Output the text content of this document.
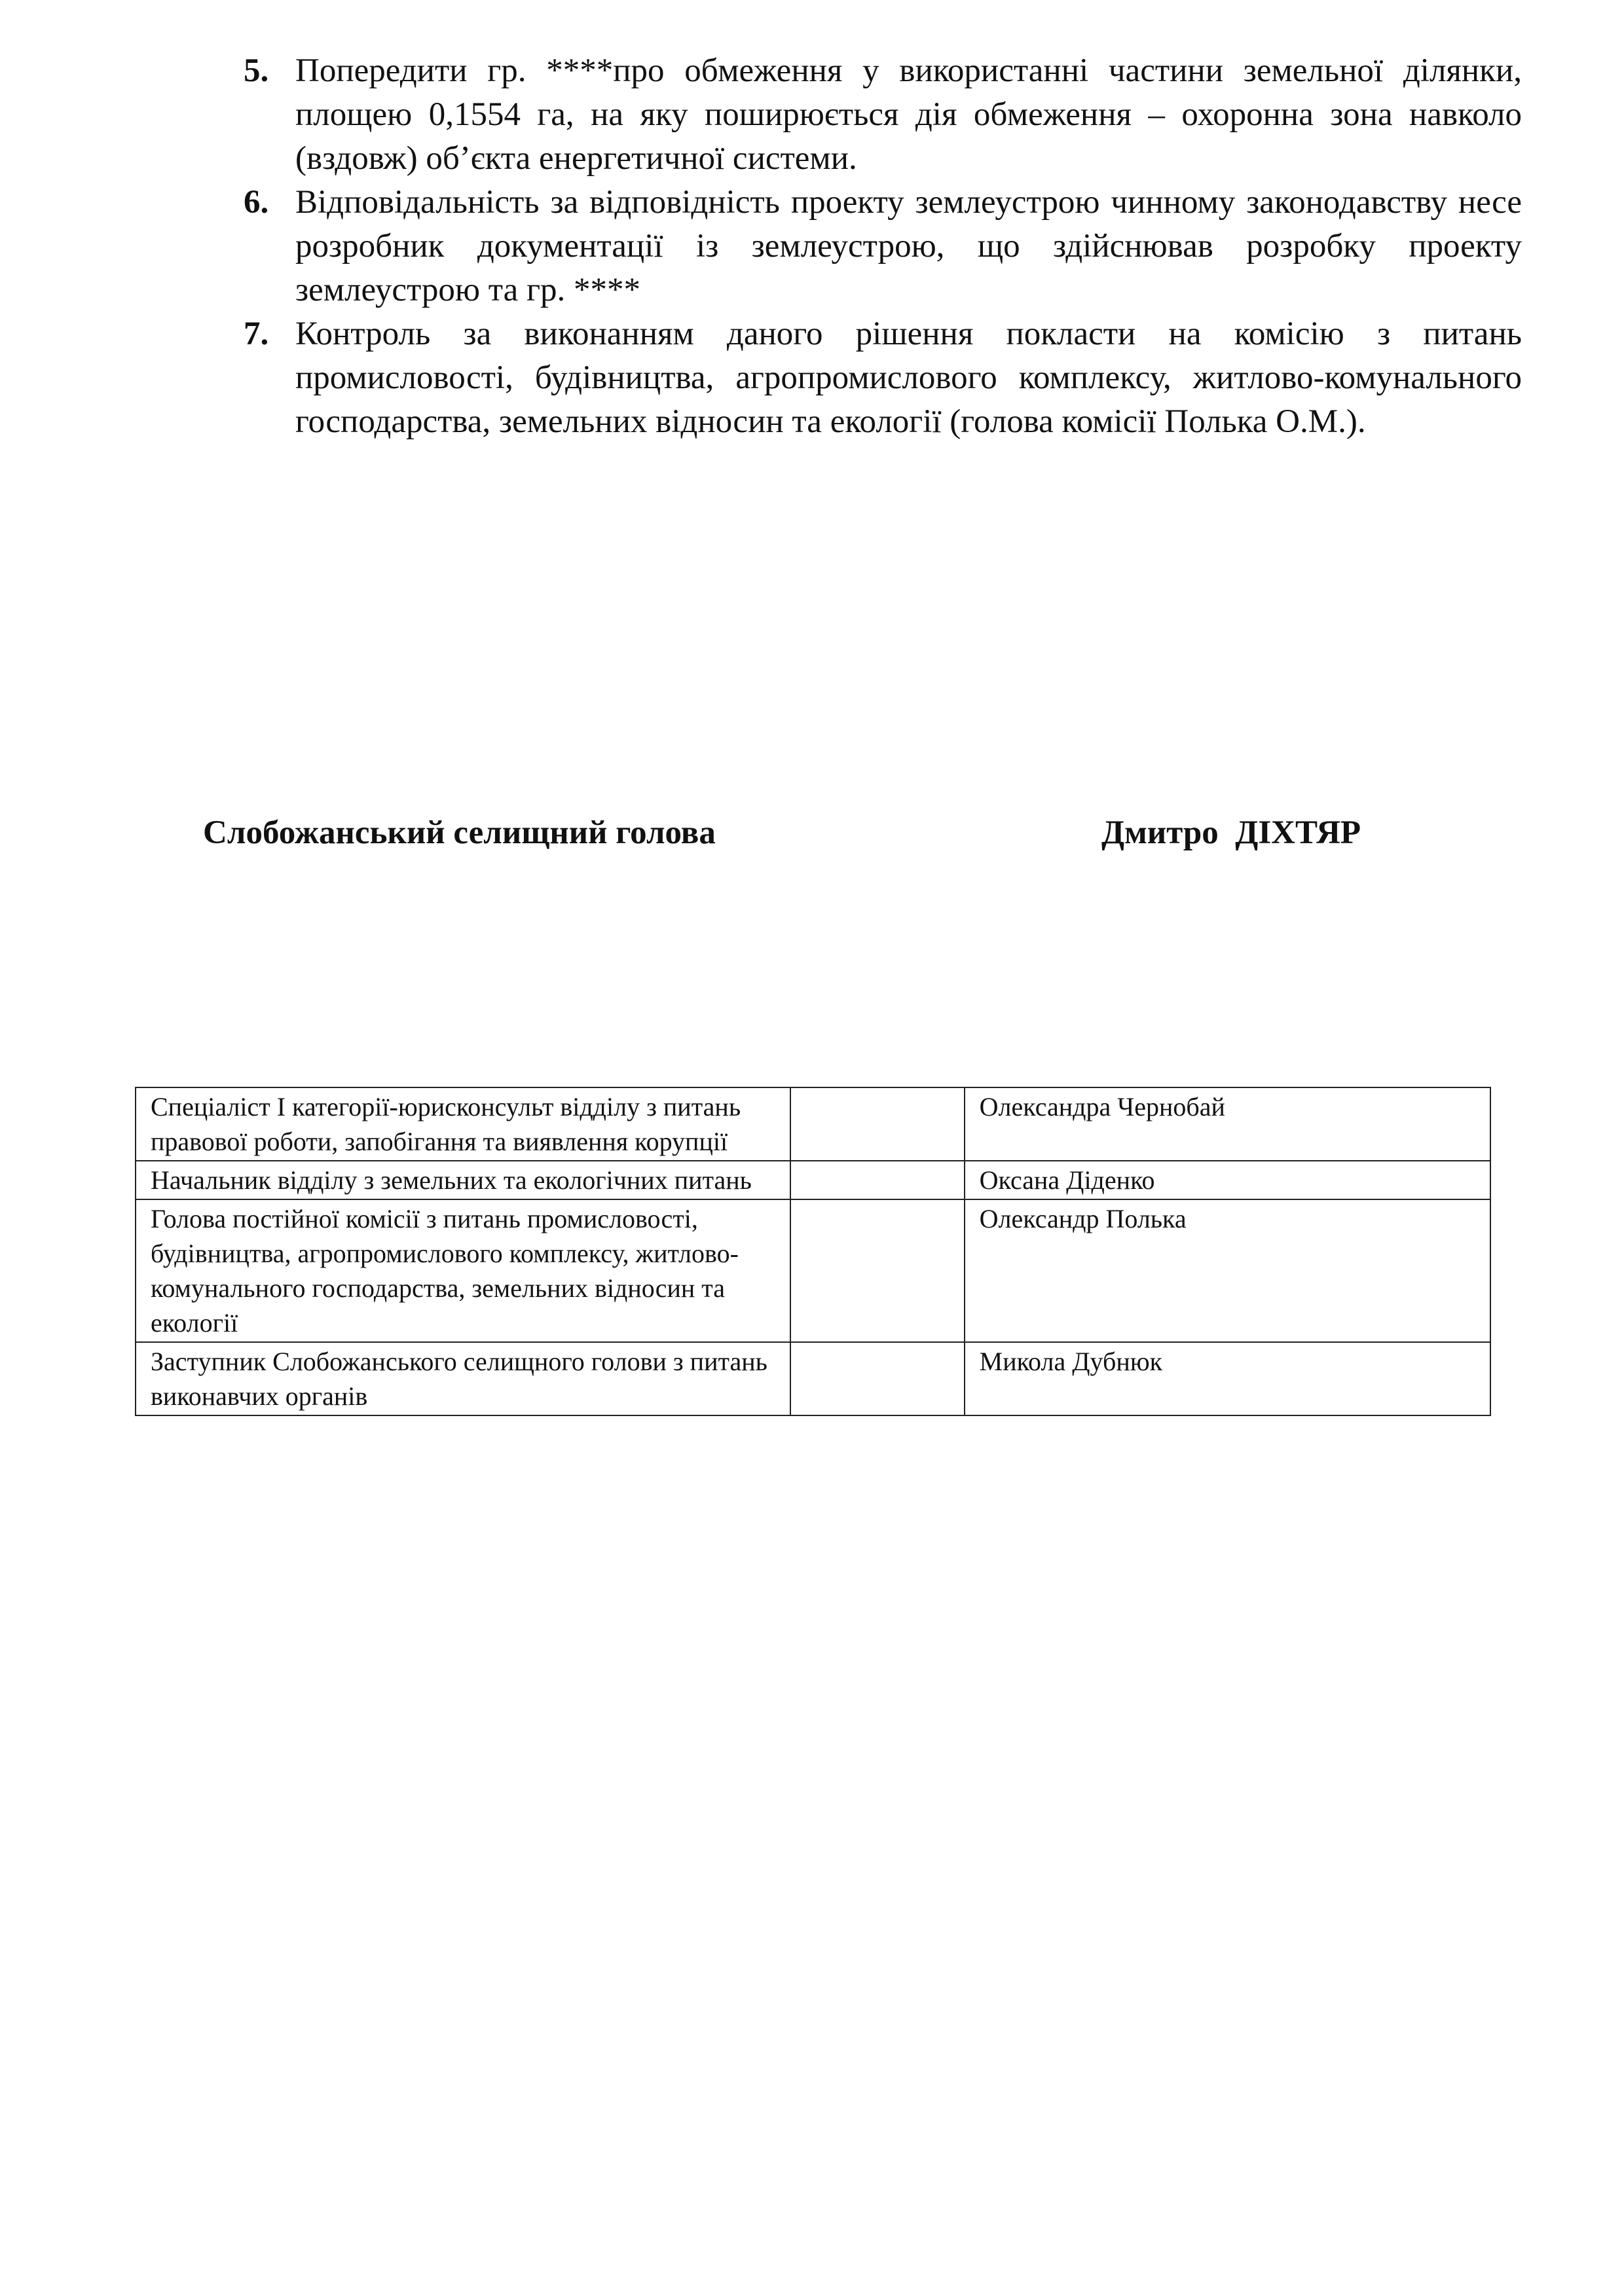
5. Попередити гр. ****про обмеження у використанні частини земельної ділянки, площею 0,1554 га, на яку поширюється дія обмеження – охоронна зона навколо (вздовж) об’єкта енергетичної системи.
6. Відповідальність за відповідність проекту землеустрою чинному законодавству несе розробник документації із землеустрою, що здійснював розробку проекту землеустрою та гр. ****
7. Контроль за виконанням даного рішення покласти на комісію з питань промисловості, будівництва, агропромислового комплексу, житлово-комунального господарства, земельних відносин та екології (голова комісії Полька О.М.).
Слобожанський селищний голова	Дмитро  ДІХТЯР
Спеціаліст І категорії-юрисконсульт відділу з питань правової роботи, запобігання та виявлення корупції		Олександра Чернобай
Начальник відділу з земельних та екологічних питань		Оксана Діденко
Голова постійної комісії з питань промисловості, будівництва, агропромислового комплексу, житлово-комунального господарства, земельних відносин та екології		Олександр Полька
Заступник Слобожанського селищного голови з питань виконавчих органів		Микола Дубнюк
